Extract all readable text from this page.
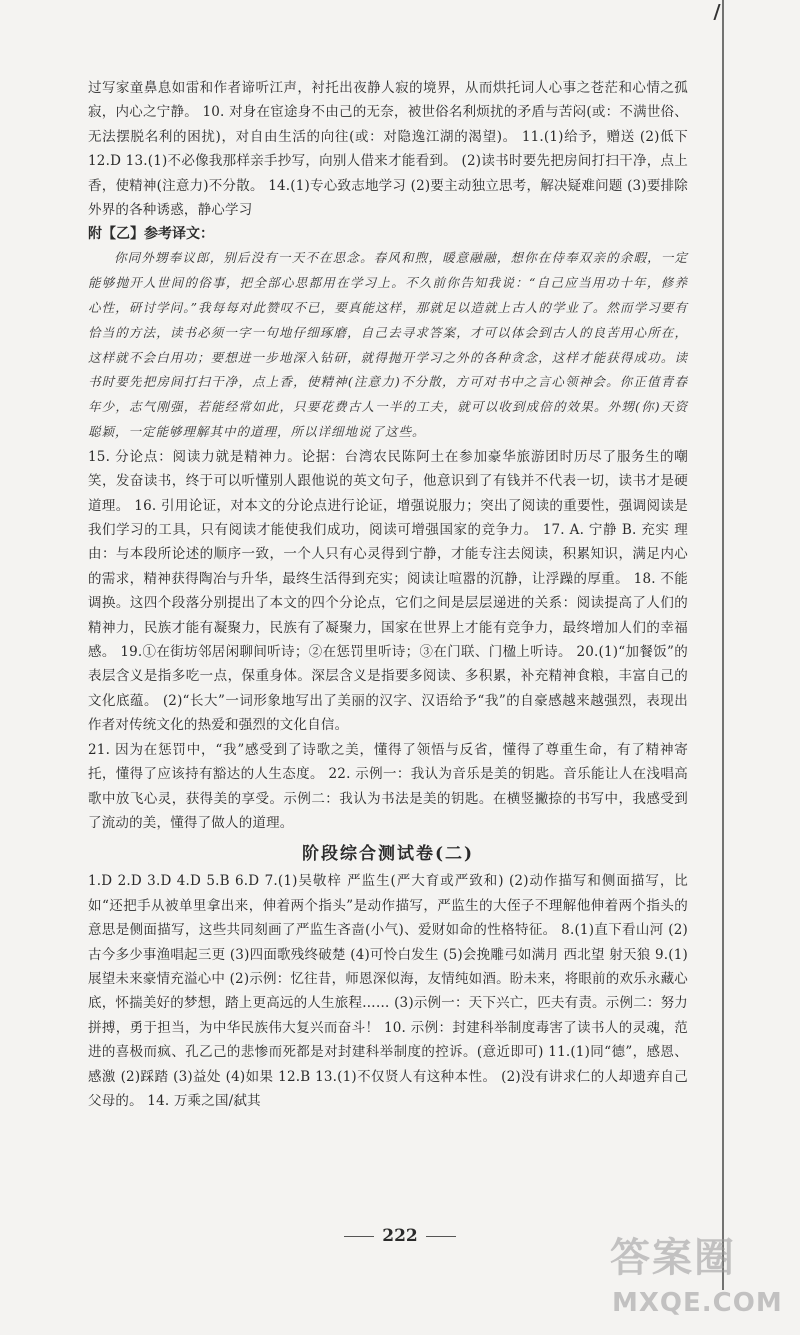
过写家童鼻息如雷和作者谛听江声，衬托出夜静人寂的境界，从而烘托词人心事之苍茫和心情之孤寂，内心之宁静。 10. 对身在宦途身不由己的无奈，被世俗名利烦扰的矛盾与苦闷(或：不满世俗、无法摆脱名利的困扰)，对自由生活的向往(或：对隐逸江湖的渴望)。 11.(1)给予，赠送 (2)低下 12.D 13.(1)不必像我那样亲手抄写，向别人借来才能看到。 (2)读书时要先把房间打扫干净，点上香，使精神(注意力)不分散。 14.(1)专心致志地学习 (2)要主动独立思考，解决疑难问题 (3)要排除外界的各种诱惑，静心学习

附【乙】参考译文：

你同外甥奉议郎，别后没有一天不在思念。春风和煦，暖意融融，想你在侍奉双亲的余暇，一定能够抛开人世间的俗事，把全部心思都用在学习上。不久前你告知我说：“自己应当用功十年，修养心性，研讨学问。”我每每对此赞叹不已，要真能这样，那就足以造就上古人的学业了。然而学习要有恰当的方法，读书必须一字一句地仔细琢磨，自己去寻求答案，才可以体会到古人的良苦用心所在，这样就不会白用功；要想进一步地深入钻研，就得抛开学习之外的各种贪念，这样才能获得成功。读书时要先把房间打扫干净，点上香，使精神(注意力)不分散，方可对书中之言心领神会。你正值青春年少，志气刚强，若能经常如此，只要花费古人一半的工夫，就可以收到成倍的效果。外甥(你)天资聪颖，一定能够理解其中的道理，所以详细地说了这些。

15. 分论点：阅读力就是精神力。论据：台湾农民陈阿土在参加豪华旅游团时历尽了服务生的嘲笑，发奋读书，终于可以听懂别人跟他说的英文句子，他意识到了有钱并不代表一切，读书才是硬道理。 16. 引用论证，对本文的分论点进行论证，增强说服力；突出了阅读的重要性，强调阅读是我们学习的工具，只有阅读才能使我们成功，阅读可增强国家的竞争力。 17. A. 宁静 B. 充实 理由：与本段所论述的顺序一致，一个人只有心灵得到宁静，才能专注去阅读，积累知识，满足内心的需求，精神获得陶冶与升华，最终生活得到充实；阅读让喧嚣的沉静，让浮躁的厚重。 18. 不能调换。这四个段落分别提出了本文的四个分论点，它们之间是层层递进的关系：阅读提高了人们的精神力，民族才能有凝聚力，民族有了凝聚力，国家在世界上才能有竞争力，最终增加人们的幸福感。 19.①在街坊邻居闲聊间听诗；②在惩罚里听诗；③在门联、门楹上听诗。 20.(1)“加餐饭”的表层含义是指多吃一点，保重身体。深层含义是指要多阅读、多积累，补充精神食粮，丰富自己的文化底蕴。 (2)“长大”一词形象地写出了美丽的汉字、汉语给予“我”的自豪感越来越强烈，表现出作者对传统文化的热爱和强烈的文化自信。

21. 因为在惩罚中，“我”感受到了诗歌之美，懂得了领悟与反省，懂得了尊重生命，有了精神寄托，懂得了应该持有豁达的人生态度。 22. 示例一：我认为音乐是美的钥匙。音乐能让人在浅唱高歌中放飞心灵，获得美的享受。示例二：我认为书法是美的钥匙。在横竖撇捺的书写中，我感受到了流动的美，懂得了做人的道理。

阶段综合测试卷(二)

1.D 2.D 3.D 4.D 5.B 6.D 7.(1)吴敬梓 严监生(严大育或严致和) (2)动作描写和侧面描写，比如“还把手从被单里拿出来，伸着两个指头”是动作描写，严监生的大侄子不理解他伸着两个指头的意思是侧面描写，这些共同刻画了严监生吝啬(小气)、爱财如命的性格特征。 8.(1)直下看山河 (2)古今多少事渔唱起三更 (3)四面歌残终破楚 (4)可怜白发生 (5)会挽雕弓如满月 西北望 射天狼 9.(1)展望未来豪情充溢心中 (2)示例：忆往昔，师恩深似海，友情纯如酒。盼未来，将眼前的欢乐永藏心底，怀揣美好的梦想，踏上更高远的人生旅程…… (3)示例一：天下兴亡，匹夫有责。示例二：努力拼搏，勇于担当，为中华民族伟大复兴而奋斗！ 10. 示例：封建科举制度毒害了读书人的灵魂，范进的喜极而疯、孔乙己的悲惨而死都是对封建科举制度的控诉。(意近即可) 11.(1)同“德”，感恩、感激 (2)踩踏 (3)益处 (4)如果 12.B 13.(1)不仅贤人有这种本性。 (2)没有讲求仁的人却遗弃自己父母的。 14. 万乘之国/弑其

222	答案圈
MXQE.COM
